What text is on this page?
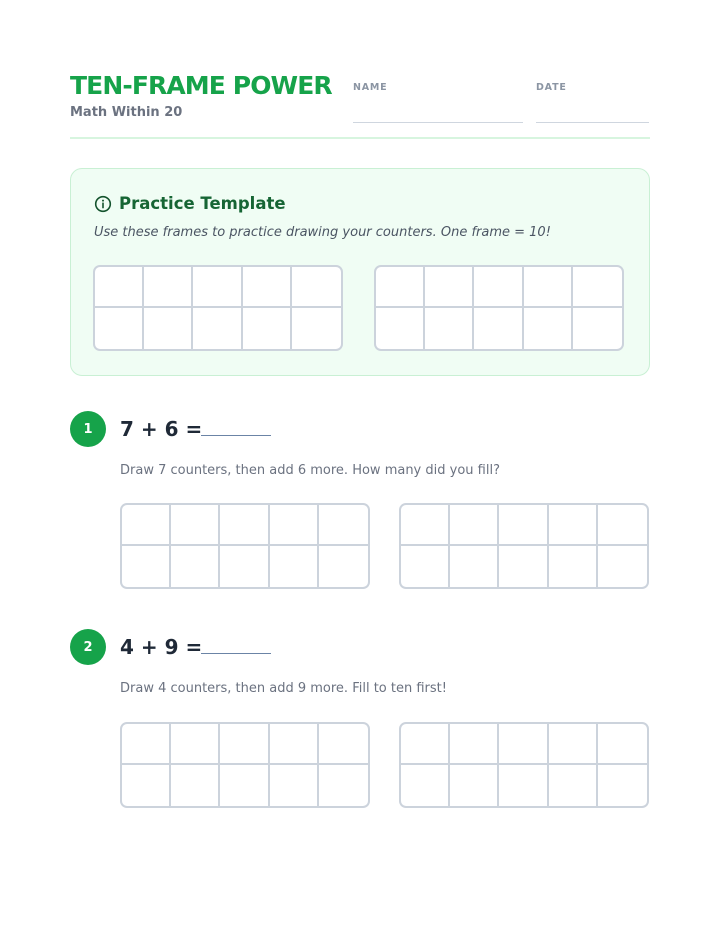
TEN-FRAME POWER
Math Within 20
NAME	DATE
Practice Template
Use these frames to practice drawing your counters. One frame = 10!
1	7 + 6 =
Draw 7 counters, then add 6 more. How many did you fill?
2	4 + 9 =
Draw 4 counters, then add 9 more. Fill to ten first!
